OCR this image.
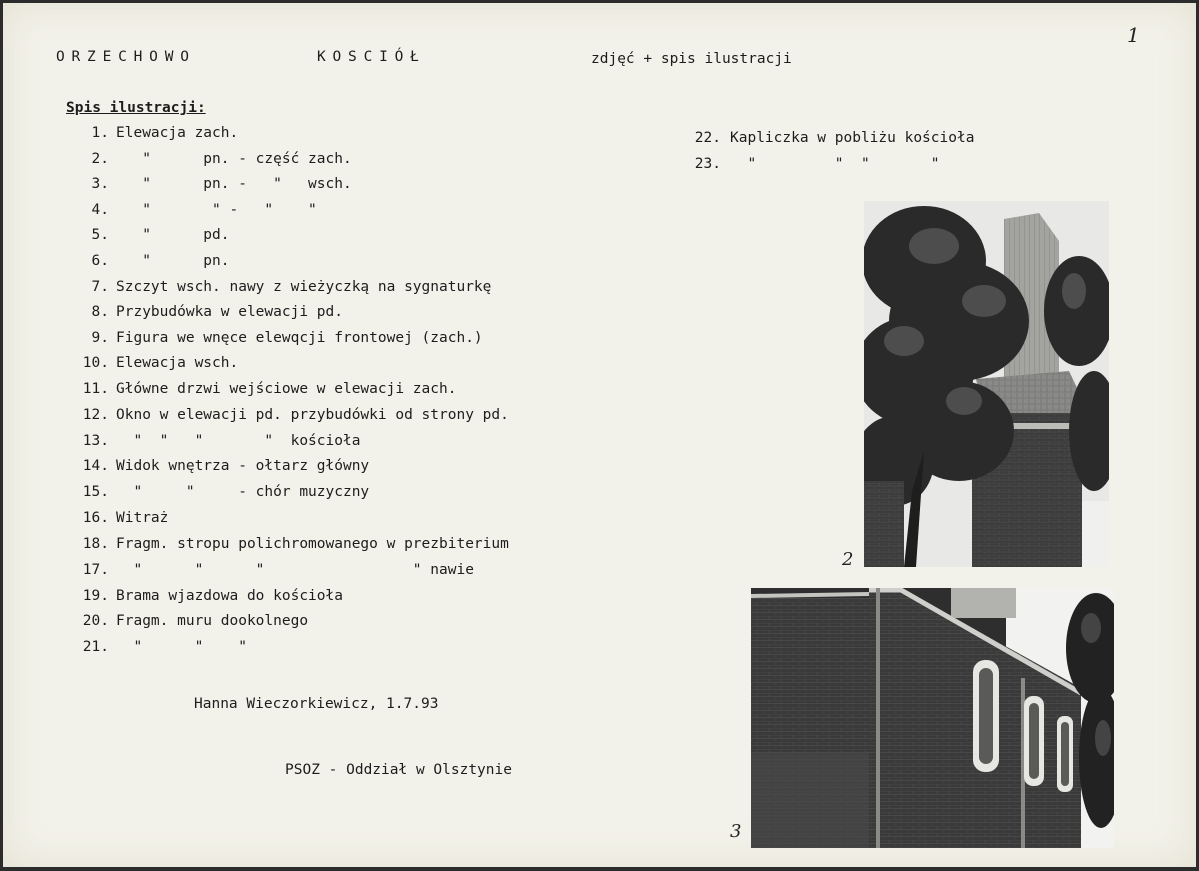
ORZECHOWO	KOSCIÓŁ	zdjęć + spis ilustracji
1
Spis ilustracji:
1. Elewacja zach.
2. "      pn. - część zach.
3. "      pn. -   "   wsch.
4. "       " -   "    "
5. "      pd.
6. "      pn.
7. Szczyt wsch. nawy z wieżyczką na sygnaturkę
8. Przybudówka w elewacji pd.
9. Figura we wnęce elewqcji frontowej (zach.)
10. Elewacja wsch.
11. Główne drzwi wejściowe w elewacji zach.
12. Okno w elewacji pd. przybudówki od strony pd.
13. "  "   "       "  kościoła
14. Widok wnętrza - ołtarz główny
15. "     "     - chór muzyczny
16. Witraż
18. Fragm. stropu polichromowanego w prezbiterium
17. "      "      "                 " nawie
19. Brama wjazdowa do kościoła
20. Fragm. muru dookolnego
21. "      "    "
22. Kapliczka w pobliżu kościoła
23. "         "  "       "
Hanna Wieczorkiewicz, 1.7.93
PSOZ - Oddział w Olsztynie
2
3
